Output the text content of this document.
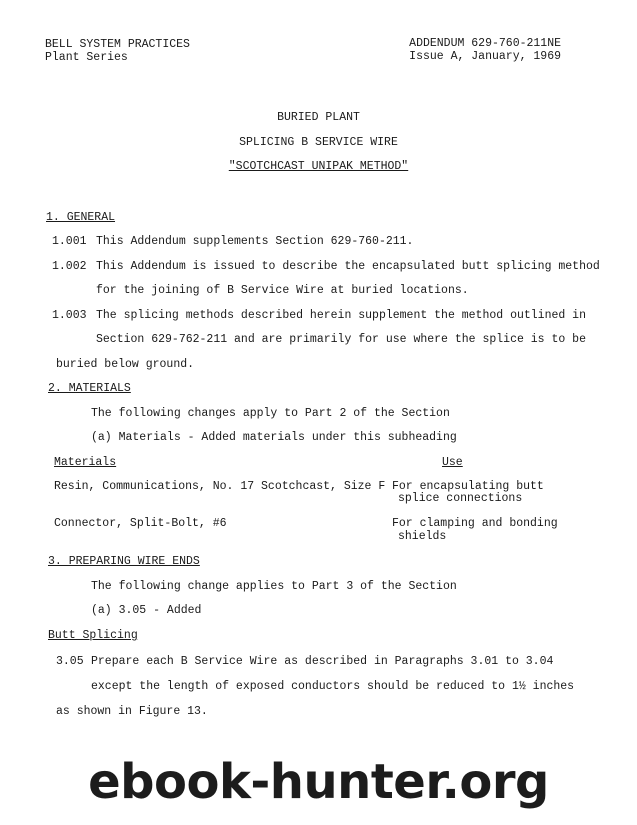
BELL SYSTEM PRACTICES
Plant Series
ADDENDUM 629-760-211NE
Issue A, January, 1969
BURIED PLANT
SPLICING B SERVICE WIRE
"SCOTCHCAST UNIPAK METHOD"
1. GENERAL
1.001 This Addendum supplements Section 629-760-211.
1.002 This Addendum is issued to describe the encapsulated butt splicing method
for the joining of B Service Wire at buried locations.
1.003 The splicing methods described herein supplement the method outlined in
Section 629-762-211 and are primarily for use where the splice is to be
buried below ground.
2. MATERIALS
The following changes apply to Part 2 of the Section
(a) Materials - Added materials under this subheading
Materials	Use
Resin, Communications, No. 17 Scotchcast, Size F For encapsulating butt
splice connections
Connector, Split-Bolt, #6	For clamping and bonding
shields
3. PREPARING WIRE ENDS
The following change applies to Part 3 of the Section
(a) 3.05 - Added
Butt Splicing
3.05 Prepare each B Service Wire as described in Paragraphs 3.01 to 3.04
except the length of exposed conductors should be reduced to 1½ inches
as shown in Figure 13.
ebook-hunter.org
